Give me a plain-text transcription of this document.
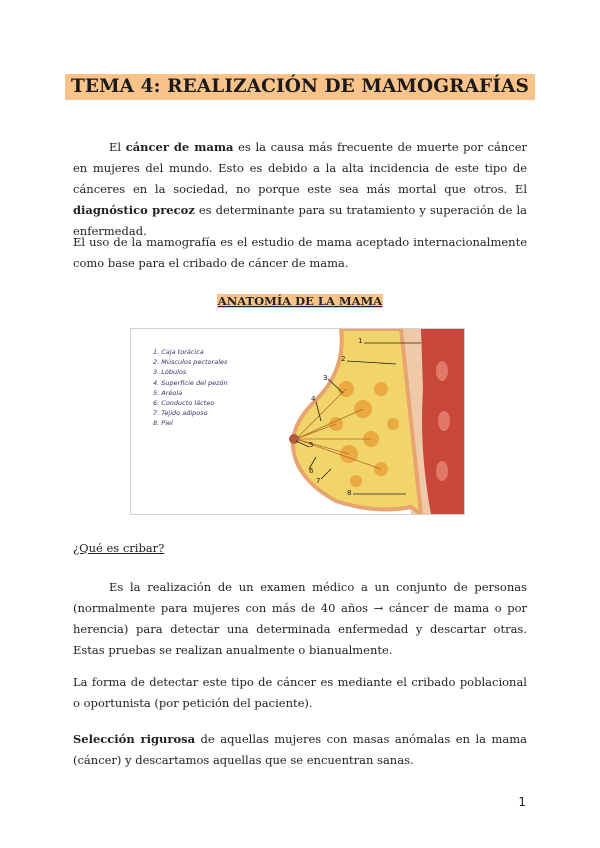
TEMA 4: REALIZACIÓN DE MAMOGRAFÍAS

El cáncer de mama es la causa más frecuente de muerte por cáncer en mujeres del mundo. Esto es debido a la alta incidencia de este tipo de cánceres en la sociedad, no porque este sea más mortal que otros. El diagnóstico precoz es determinante para su tratamiento y superación de la enfermedad.

El uso de la mamografía es el estudio de mama aceptado internacionalmente como base para el cribado de cáncer de mama.

ANATOMÍA DE LA MAMA
1. Caja torácica
2. Músculos pectorales
3. Lóbulos
4. Superficie del pezón
5. Aréola
6. Conducto lácteo
7. Tejido adiposo
8. Piel
1
2
3
4
5
6
7
8
¿Qué es cribar?

Es la realización de un examen médico a un conjunto de personas (normalmente para mujeres con más de 40 años → cáncer de mama o por herencia) para detectar una determinada enfermedad y descartar otras. Estas pruebas se realizan anualmente o bianualmente.

La forma de detectar este tipo de cáncer es mediante el cribado poblacional o oportunista (por petición del paciente).

Selección rigurosa de aquellas mujeres con masas anómalas en la mama (cáncer) y descartamos aquellas que se encuentran sanas.

1
